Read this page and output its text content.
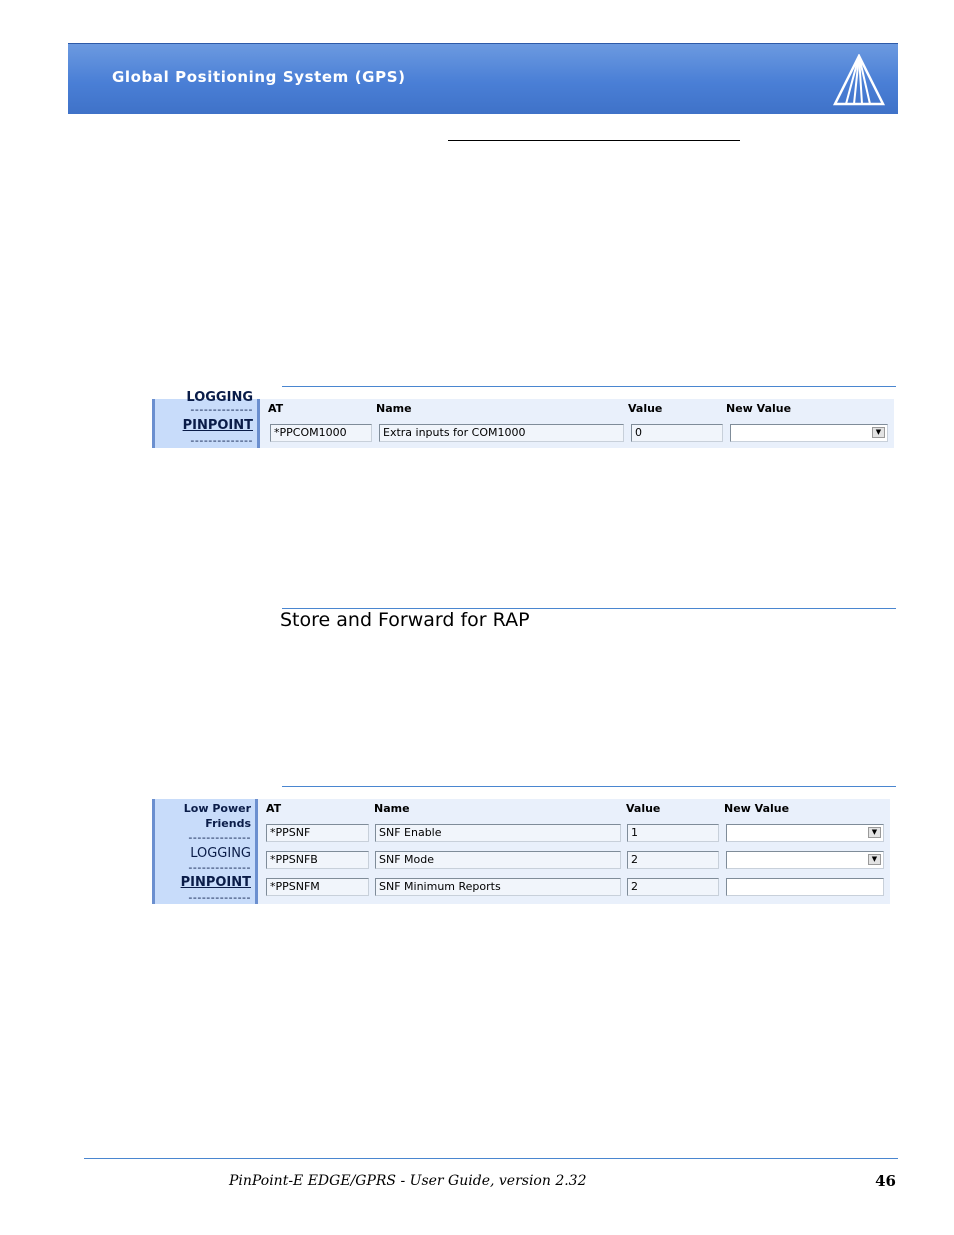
Global Positioning System (GPS)
LOGGING
--------------
PINPOINT
--------------
AT	Name	Value	New Value
*PPCOM1000	Extra inputs for COM1000	0	▼
Store and Forward for RAP
Low Power
Friends
--------------
LOGGING
--------------
PINPOINT
--------------
AT	Name	Value	New Value
*PPSNF	SNF Enable	1	▼
*PPSNFB	SNF Mode	2	▼
*PPSNFM	SNF Minimum Reports	2
PinPoint-E EDGE/GPRS - User Guide, version 2.32	46
